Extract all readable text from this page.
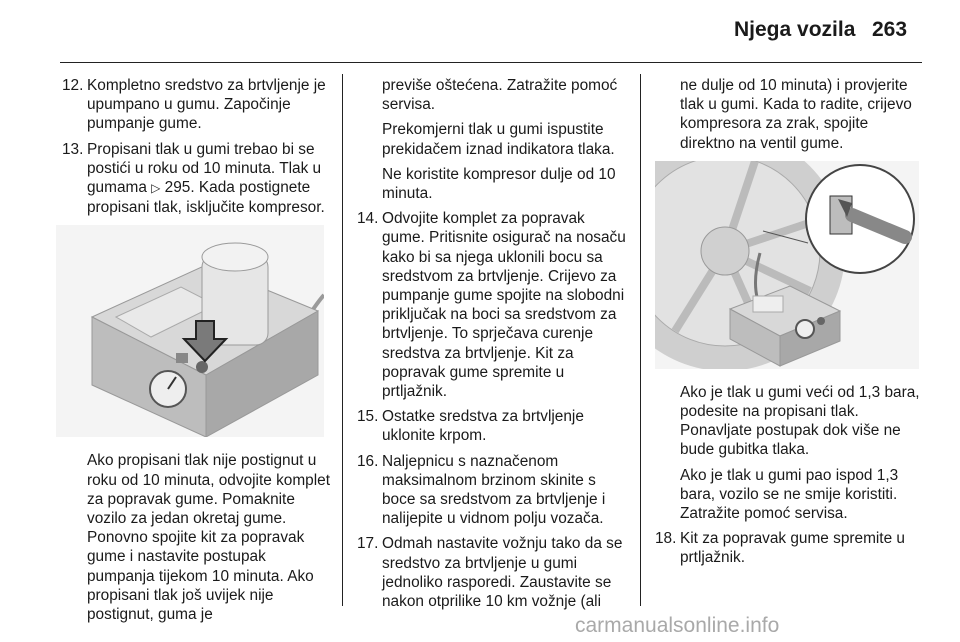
Njega vozila 263
12. Kompletno sredstvo za brtvljenje je upumpano u gumu. Započinje pumpanje gume.
13. Propisani tlak u gumi trebao bi se postići u roku od 10 minuta. Tlak u gumama ▷ 295. Kada postignete propisani tlak, isključite kompresor.
Ako propisani tlak nije postignut u roku od 10 minuta, odvojite komplet za popravak gume. Pomaknite vozilo za jedan okretaj gume. Ponovno spojite kit za popravak gume i nastavite postupak pumpanja tijekom 10 minuta. Ako propisani tlak još uvijek nije postignut, guma je
previše oštećena. Zatražite pomoć servisa.
Prekomjerni tlak u gumi ispustite prekidačem iznad indikatora tlaka.
Ne koristite kompresor dulje od 10 minuta.
14. Odvojite komplet za popravak gume. Pritisnite osigurač na nosaču kako bi sa njega uklonili bocu sa sredstvom za brtvljenje. Crijevo za pumpanje gume spojite na slobodni priključak na boci sa sredstvom za brtvljenje. To sprječava curenje sredstva za brtvljenje. Kit za popravak gume spremite u prtljažnik.
15. Ostatke sredstva za brtvljenje uklonite krpom.
16. Naljepnicu s naznačenom maksimalnom brzinom skinite s boce sa sredstvom za brtvljenje i nalijepite u vidnom polju vozača.
17. Odmah nastavite vožnju tako da se sredstvo za brtvljenje u gumi jednoliko rasporedi. Zaustavite se nakon otprilike 10 km vožnje (ali
ne dulje od 10 minuta) i provjerite tlak u gumi. Kada to radite, crijevo kompresora za zrak, spojite direktno na ventil gume.
Ako je tlak u gumi veći od 1,3 bara, podesite na propisani tlak. Ponavljate postupak dok više ne bude gubitka tlaka.
Ako je tlak u gumi pao ispod 1,3 bara, vozilo se ne smije koristiti. Zatražite pomoć servisa.
18. Kit za popravak gume spremite u prtljažnik.
carmanualsonline.info
